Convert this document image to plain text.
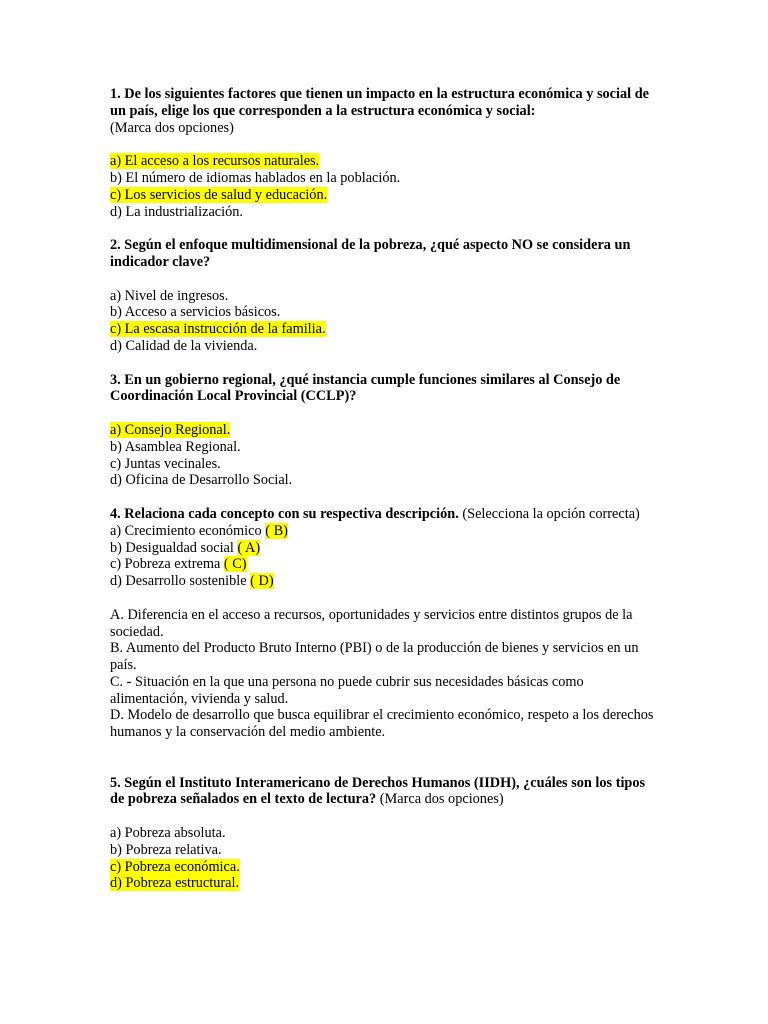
1. De los siguientes factores que tienen un impacto en la estructura económica y social de un país, elige los que corresponden a la estructura económica y social:
(Marca dos opciones)

a) El acceso a los recursos naturales.
b) El número de idiomas hablados en la población.
c) Los servicios de salud y educación.
d) La industrialización.

2. Según el enfoque multidimensional de la pobreza, ¿qué aspecto NO se considera un indicador clave?

a) Nivel de ingresos.
b) Acceso a servicios básicos.
c) La escasa instrucción de la familia.
d) Calidad de la vivienda.

3. En un gobierno regional, ¿qué instancia cumple funciones similares al Consejo de Coordinación Local Provincial (CCLP)?

a) Consejo Regional.
b) Asamblea Regional.
c) Juntas vecinales.
d) Oficina de Desarrollo Social.

4. Relaciona cada concepto con su respectiva descripción. (Selecciona la opción correcta)

a) Crecimiento económico ( B)
b) Desigualdad social ( A)
c) Pobreza extrema ( C)
d) Desarrollo sostenible ( D)

A. Diferencia en el acceso a recursos, oportunidades y servicios entre distintos grupos de la sociedad.

B. Aumento del Producto Bruto Interno (PBI) o de la producción de bienes y servicios en un país.

C. - Situación en la que una persona no puede cubrir sus necesidades básicas como alimentación, vivienda y salud.

D. Modelo de desarrollo que busca equilibrar el crecimiento económico, respeto a los derechos humanos y la conservación del medio ambiente.

5. Según el Instituto Interamericano de Derechos Humanos (IIDH), ¿cuáles son los tipos de pobreza señalados en el texto de lectura? (Marca dos opciones)

a) Pobreza absoluta.
b) Pobreza relativa.
c) Pobreza económica.
d) Pobreza estructural.
